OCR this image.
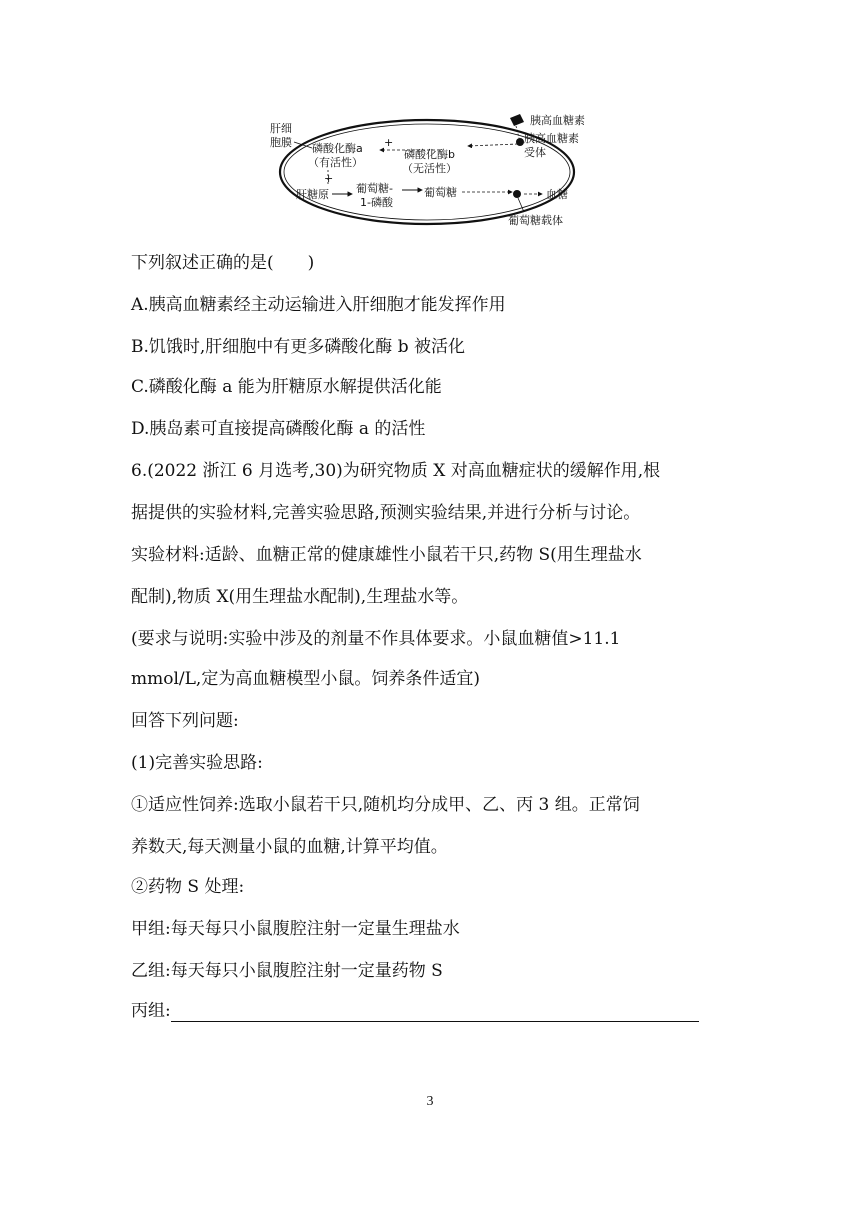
肝细
胞膜 磷酸化酶a
（有活性）
+
磷酸化酶b
（无活性）
+
肝糖原 葡萄糖-
1-磷酸
葡萄糖
胰高血糖素
胰高血糖素
受体
血糖
葡萄糖载体
下列叙述正确的是(　　)
A.胰高血糖素经主动运输进入肝细胞才能发挥作用
B.饥饿时,肝细胞中有更多磷酸化酶 b 被活化
C.磷酸化酶 a 能为肝糖原水解提供活化能
D.胰岛素可直接提高磷酸化酶 a 的活性
6.(2022 浙江 6 月选考,30)为研究物质 X 对高血糖症状的缓解作用,根
据提供的实验材料,完善实验思路,预测实验结果,并进行分析与讨论。
实验材料:适龄、血糖正常的健康雄性小鼠若干只,药物 S(用生理盐水
配制),物质 X(用生理盐水配制),生理盐水等。
(要求与说明:实验中涉及的剂量不作具体要求。小鼠血糖值>11.1
mmol/L,定为高血糖模型小鼠。饲养条件适宜)
回答下列问题:
(1)完善实验思路:
①适应性饲养:选取小鼠若干只,随机均分成甲、乙、丙 3 组。正常饲
养数天,每天测量小鼠的血糖,计算平均值。
②药物 S 处理:
甲组:每天每只小鼠腹腔注射一定量生理盐水
乙组:每天每只小鼠腹腔注射一定量药物 S
丙组:
3
